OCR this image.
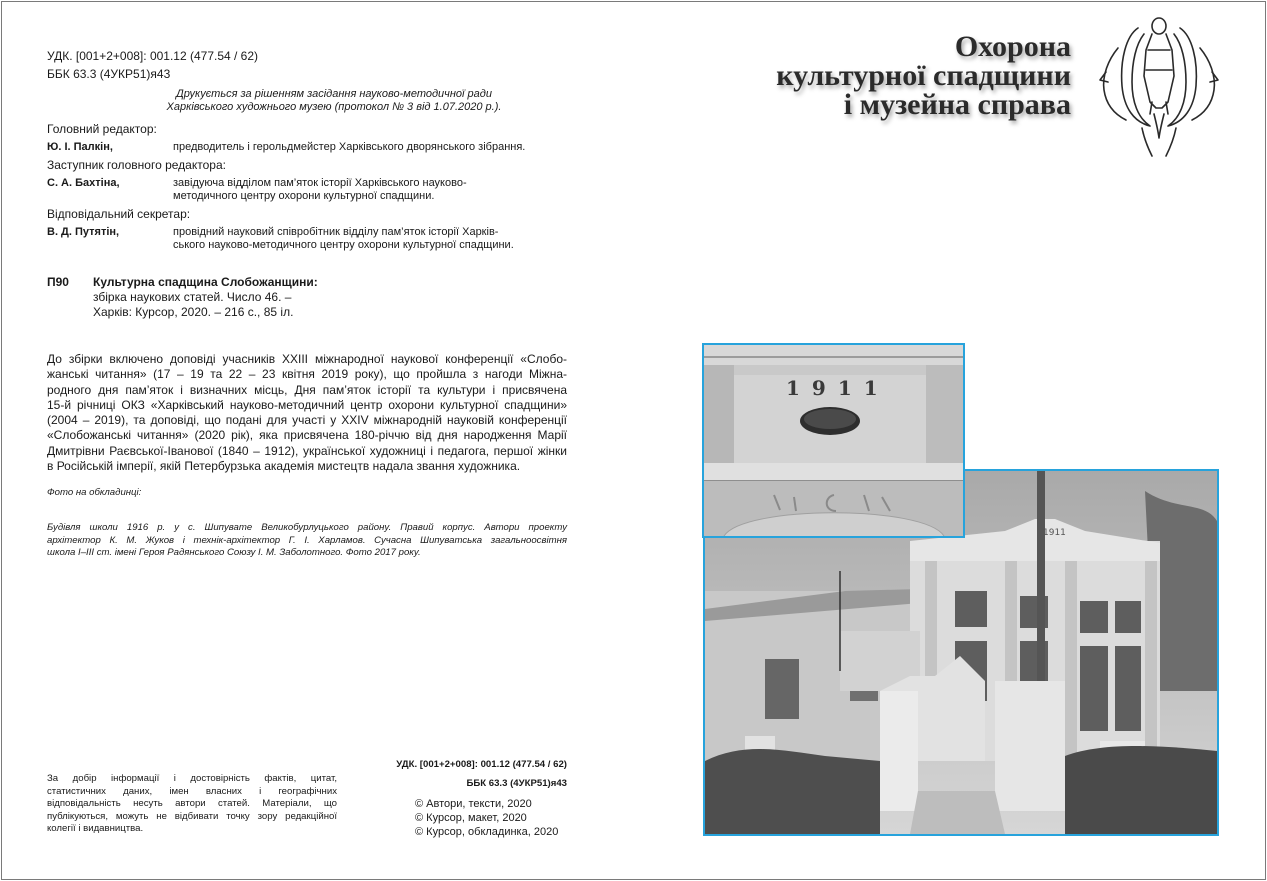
УДК. [001+2+008]: 001.12 (477.54 / 62)
ББК 63.3 (4УКР51)я43
Друкується за рішенням засідання науково-методичної ради
Харківського художнього музею (протокол № 3 від 1.07.2020 р.).
Головний редактор:
Ю. І. Палкін,	предводитель і герольдмейстер Харківського дворянського зібрання.
Заступник головного редактора:
С. А. Бахтіна,	завідуюча відділом пам’яток історії Харківського науково-
методичного центру охорони культурної спадщини.
Відповідальний секретар:
В. Д. Путятін,	провідний науковий співробітник відділу пам’яток історії Харків-
ського науково-методичного центру охорони культурної спадщини.
П90 Культурна спадщина Слобожанщини:
збірка наукових статей. Число 46. –
Харків: Курсор, 2020. – 216 с., 85 іл.
До збірки включено доповіді учасників XXIII міжнародної наукової конференції «Слобо-
жанські читання» (17 – 19 та 22 – 23 квітня 2019 року), що пройшла з нагоди Міжна-
родного дня пам’яток і визначних місць, Дня пам’яток історії та культури і присвячена
15-й річниці ОКЗ «Харківський науково-методичний центр охорони культурної спадщини»
(2004 – 2019), та доповіді, що подані для участі у XXIV міжнародній науковій конференції
«Слобожанські читання» (2020 рік), яка присвячена 180-річчю від дня народження Марії
Дмитрівни Раєвської-Іванової (1840 – 1912), української художниці і педагога, першої жінки
в Російській імперії, якій Петербурзька академія мистецтв надала звання художника.
Фото на обкладинці:
Будівля школи 1916 р. у с. Шипувате Великобурлуцького району. Правий корпус. Автори проекту
архітектор К. М. Жуков і технік-архітектор Г. І. Харламов. Сучасна Шипуватська загальноосвітня
школа І–ІІІ ст. імені Героя Радянського Союзу І. М. Заболотного. Фото 2017 року.
За добір інформації і достовірність фактів, цитат,
статистичних даних, імен власних і географічних
відповідальність несуть автори статей. Матеріали, що
публікуються, можуть не відбивати точку зору редакційної
колегії і видавництва.
УДК. [001+2+008]: 001.12 (477.54 / 62)
ББК 63.3 (4УКР51)я43
© Автори, тексти, 2020
© Курсор, макет, 2020
© Курсор, обкладинка, 2020
Охорона
культурної спадщини
і музейна справа
1911
1911
